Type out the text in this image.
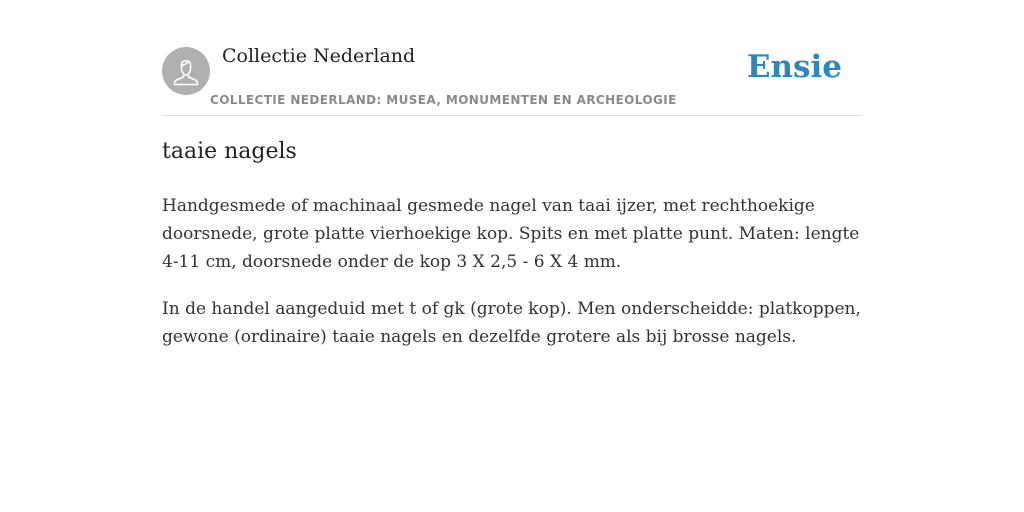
Collectie Nederland
COLLECTIE NEDERLAND: MUSEA, MONUMENTEN EN ARCHEOLOGIE
Ensie
taaie nagels

Handgesmede of machinaal gesmede nagel van taai ijzer, met rechthoekige doorsnede, grote platte vierhoekige kop. Spits en met platte punt. Maten: lengte 4-11 cm, doorsnede onder de kop 3 X 2,5 - 6 X 4 mm.

In de handel aangeduid met t of gk (grote kop). Men onderscheidde: platkoppen, gewone (ordinaire) taaie nagels en dezelfde grotere als bij brosse nagels.
